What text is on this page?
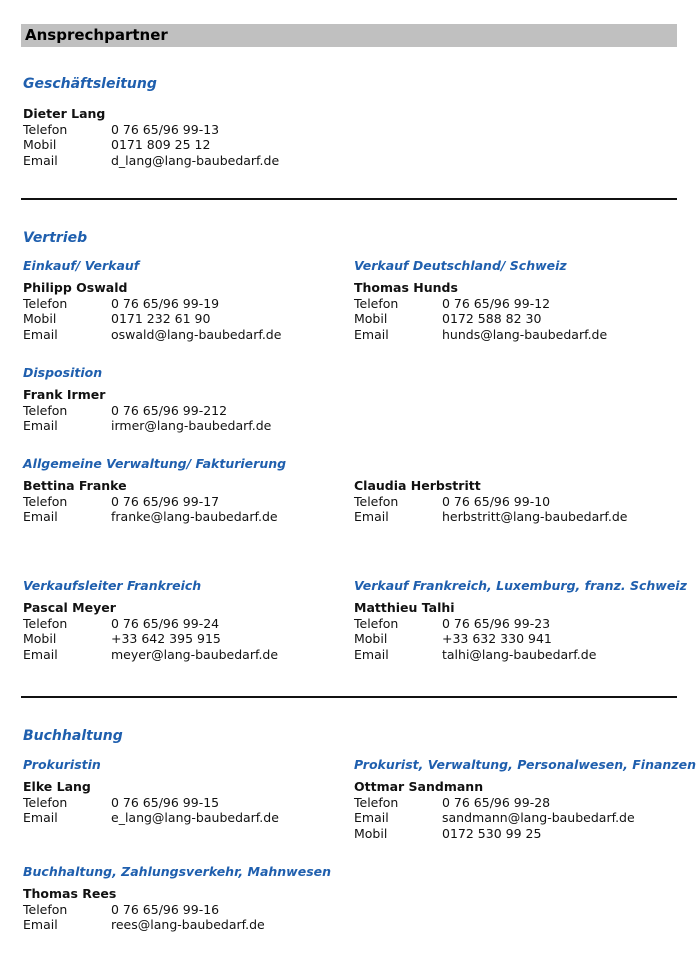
Ansprechpartner
Geschäftsleitung
Dieter Lang
Telefon	0 76 65/96 99-13
Mobil	0171 809 25 12
Email	d_lang@lang-baubedarf.de
Vertrieb
Einkauf/ Verkauf	Verkauf Deutschland/ Schweiz
Philipp Oswald
Telefon	0 76 65/96 99-19
Mobil	0171 232 61 90
Email	oswald@lang-baubedarf.de
Thomas Hunds
Telefon	0 76 65/96 99-12
Mobil	0172 588 82 30
Email	hunds@lang-baubedarf.de
Disposition
Frank Irmer
Telefon	0 76 65/96 99-212
Email	irmer@lang-baubedarf.de
Allgemeine Verwaltung/ Fakturierung
Bettina Franke
Telefon	0 76 65/96 99-17
Email	franke@lang-baubedarf.de
Claudia Herbstritt
Telefon	0 76 65/96 99-10
Email	herbstritt@lang-baubedarf.de
Verkaufsleiter Frankreich	Verkauf Frankreich, Luxemburg, franz. Schweiz
Pascal Meyer
Telefon	0 76 65/96 99-24
Mobil	+33 642 395 915
Email	meyer@lang-baubedarf.de
Matthieu Talhi
Telefon	0 76 65/96 99-23
Mobil	+33 632 330 941
Email	talhi@lang-baubedarf.de
Buchhaltung
Prokuristin	Prokurist, Verwaltung, Personalwesen, Finanzen
Elke Lang
Telefon	0 76 65/96 99-15
Email	e_lang@lang-baubedarf.de
Ottmar Sandmann
Telefon	0 76 65/96 99-28
Email	sandmann@lang-baubedarf.de
Mobil	0172 530 99 25
Buchhaltung, Zahlungsverkehr, Mahnwesen
Thomas Rees
Telefon	0 76 65/96 99-16
Email	rees@lang-baubedarf.de
